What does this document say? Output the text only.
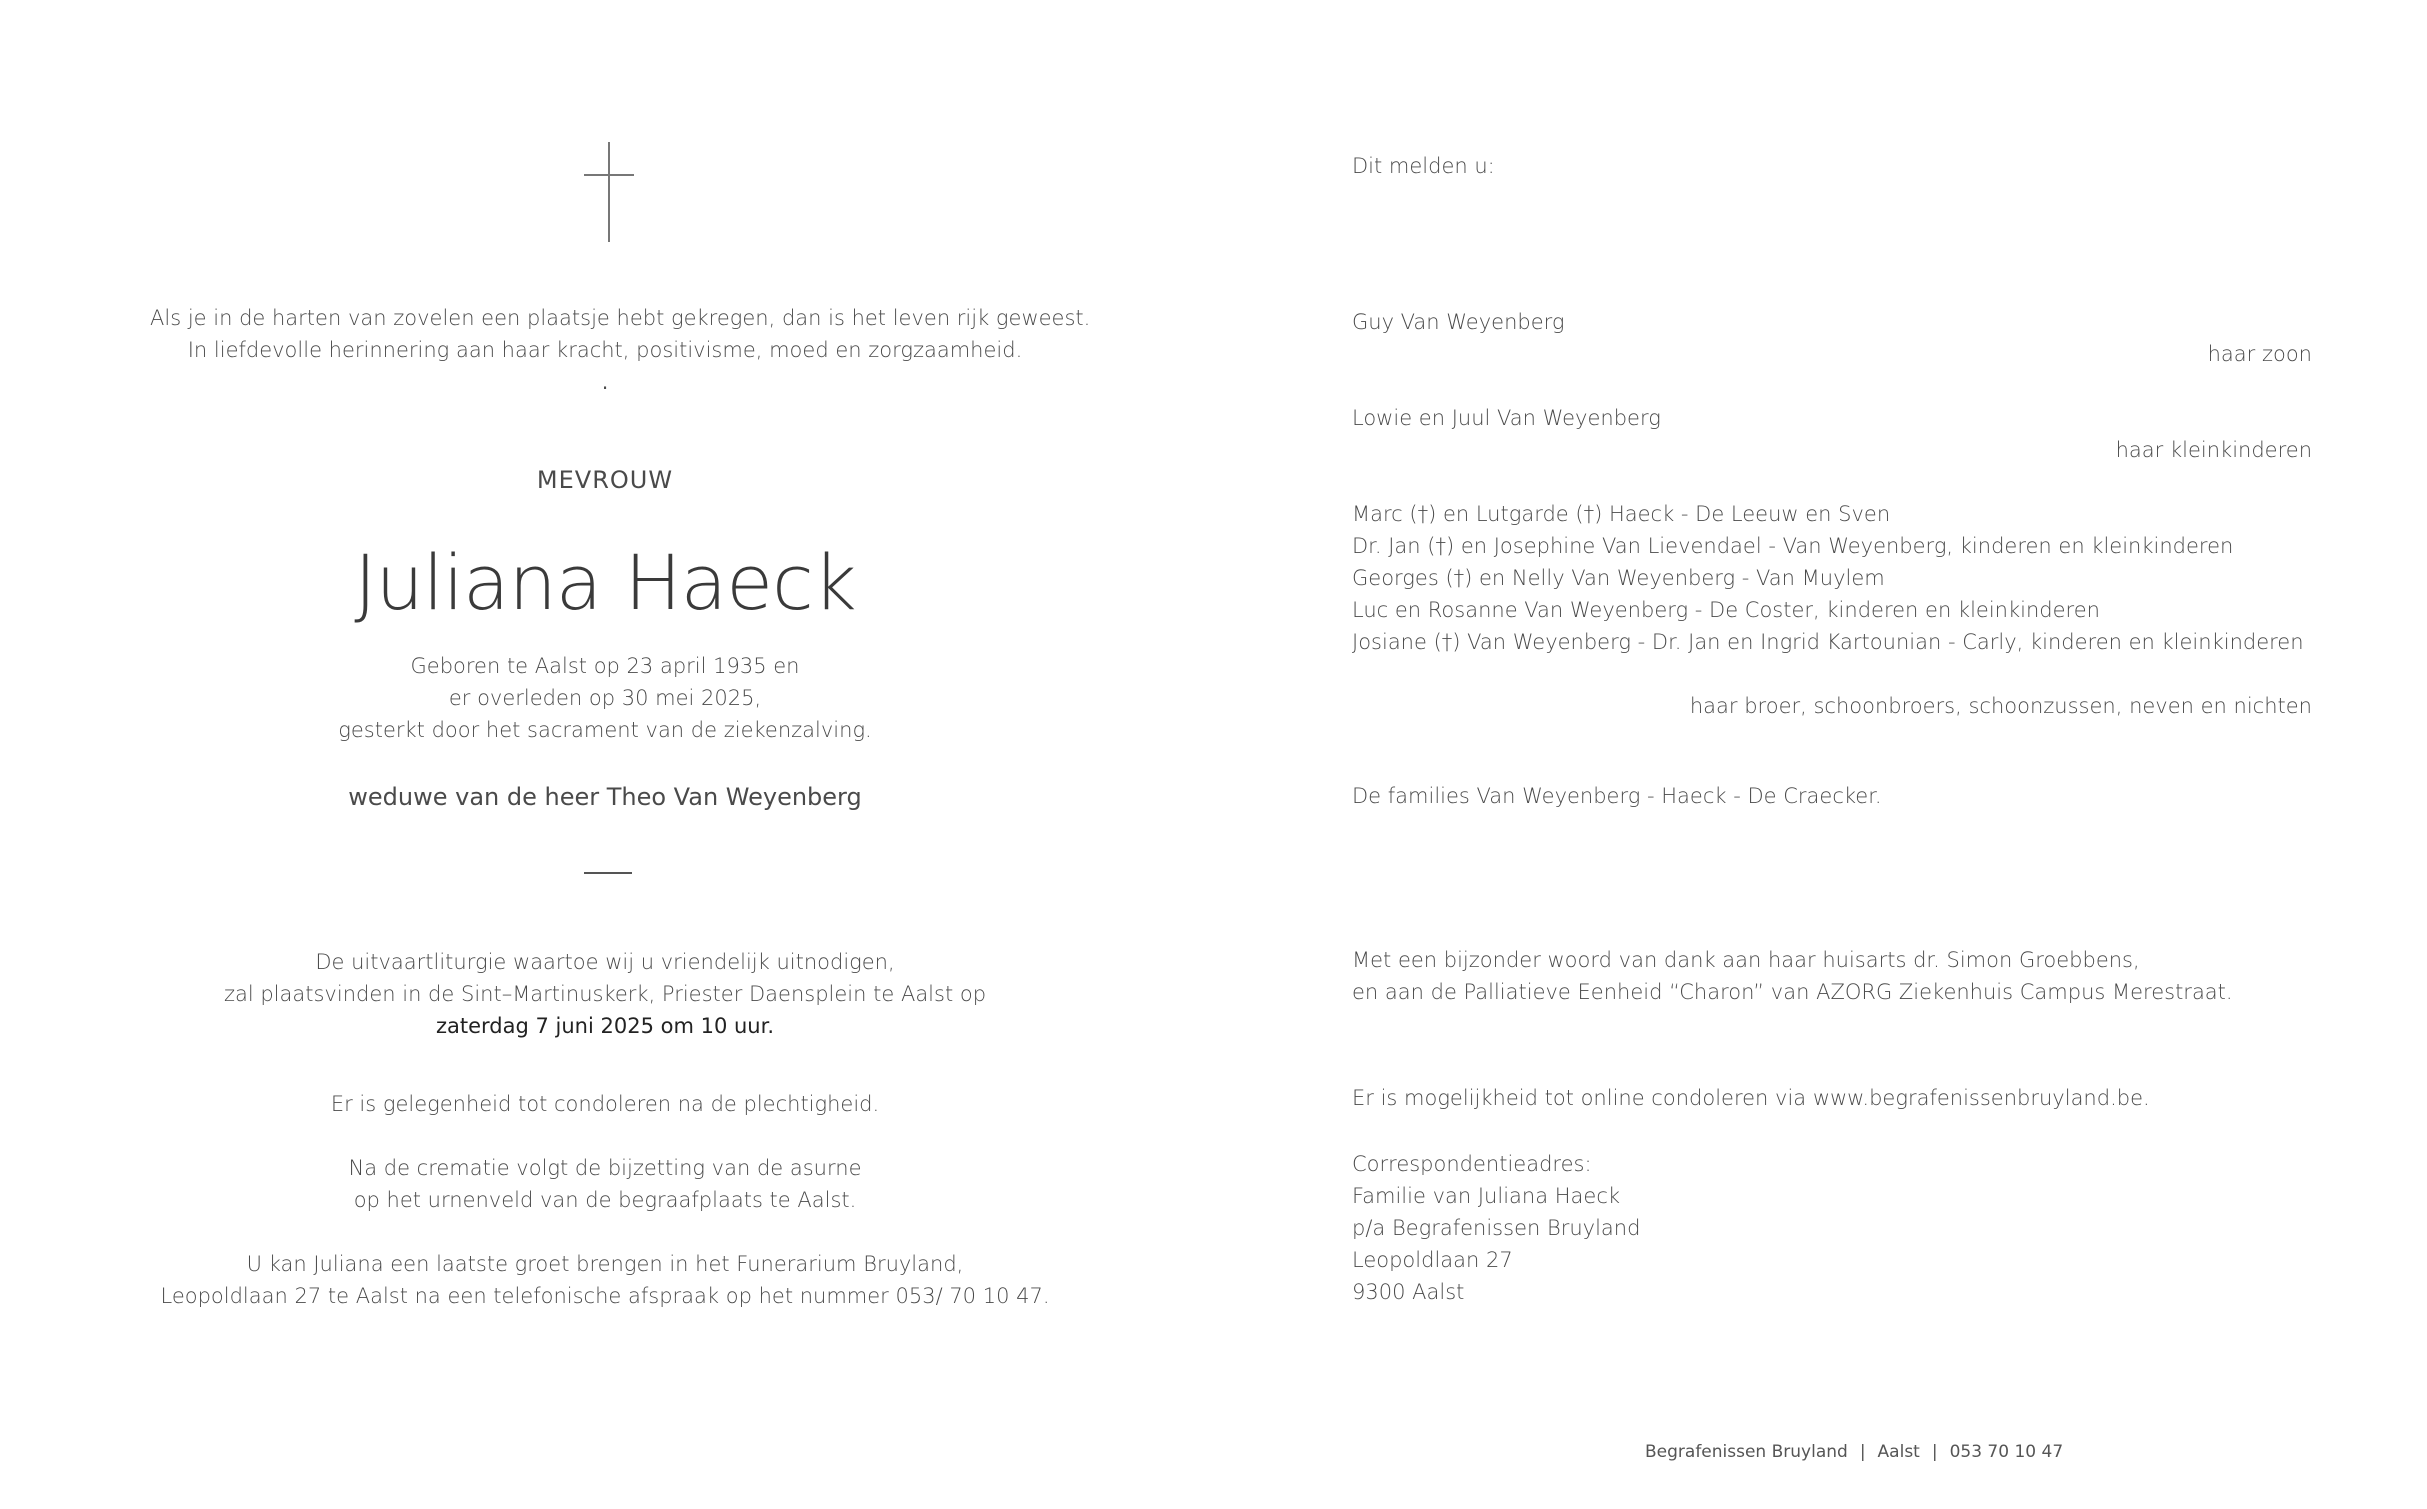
Als je in de harten van zovelen een plaatsje hebt gekregen, dan is het leven rijk geweest.
In liefdevolle herinnering aan haar kracht, positivisme, moed en zorgzaamheid.
.
MEVROUW
Juliana Haeck
Geboren te Aalst op 23 april 1935 en
er overleden op 30 mei 2025,
gesterkt door het sacrament van de ziekenzalving.
weduwe van de heer Theo Van Weyenberg
De uitvaartliturgie waartoe wij u vriendelijk uitnodigen,
zal plaatsvinden in de Sint–Martinuskerk, Priester Daensplein te Aalst op
zaterdag 7 juni 2025 om 10 uur.
Er is gelegenheid tot condoleren na de plechtigheid.
Na de crematie volgt de bijzetting van de asurne
op het urnenveld van de begraafplaats te Aalst.
U kan Juliana een laatste groet brengen in het Funerarium Bruyland,
Leopoldlaan 27 te Aalst na een telefonische afspraak op het nummer 053/ 70 10 47.
Dit melden u:
Guy Van Weyenberg
haar zoon
Lowie en Juul Van Weyenberg
haar kleinkinderen
Marc (†) en Lutgarde (†) Haeck - De Leeuw en Sven
Dr. Jan (†) en Josephine Van Lievendael - Van Weyenberg, kinderen en kleinkinderen
Georges (†) en Nelly Van Weyenberg - Van Muylem
Luc en Rosanne Van Weyenberg - De Coster, kinderen en kleinkinderen
Josiane (†) Van Weyenberg - Dr. Jan en Ingrid Kartounian - Carly, kinderen en kleinkinderen
haar broer, schoonbroers, schoonzussen, neven en nichten
De families Van Weyenberg - Haeck - De Craecker.
Met een bijzonder woord van dank aan haar huisarts dr. Simon Groebbens,
en aan de Palliatieve Eenheid “Charon” van AZORG Ziekenhuis Campus Merestraat.
Er is mogelijkheid tot online condoleren via www.begrafenissenbruyland.be.
Correspondentieadres:
Familie van Juliana Haeck
p/a Begrafenissen Bruyland
Leopoldlaan 27
9300 Aalst
Begrafenissen Bruyland | Aalst | 053 70 10 47
